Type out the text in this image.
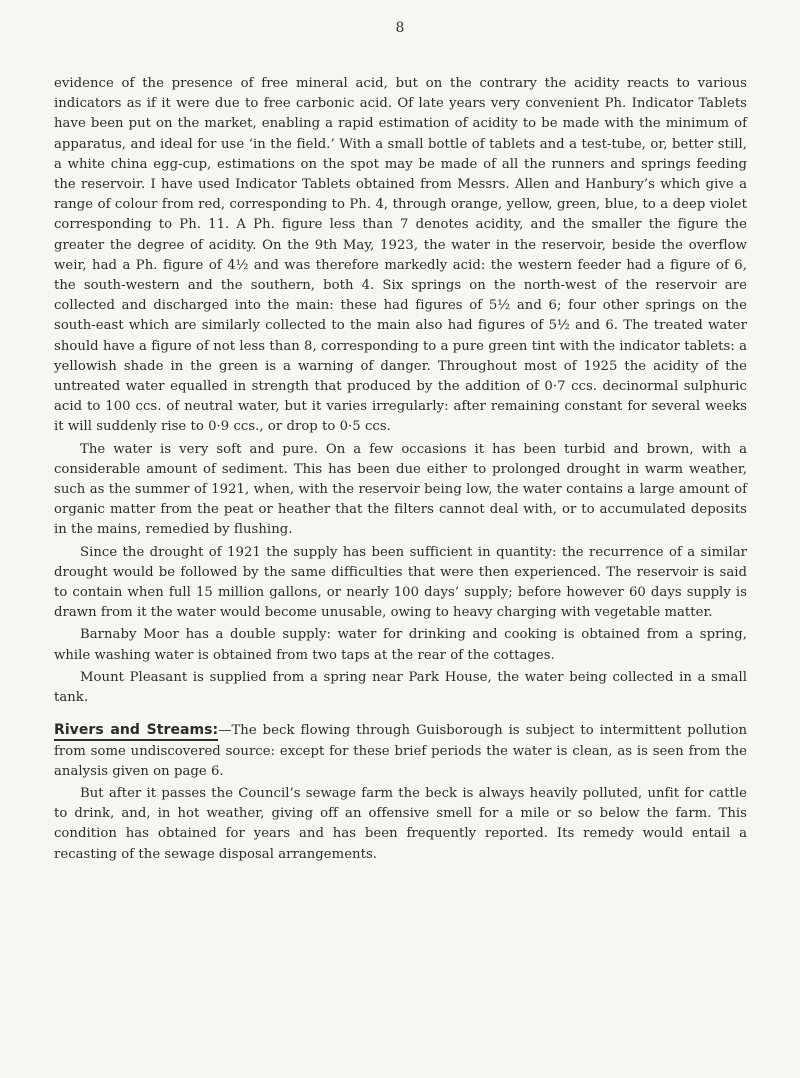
8

evidence of the presence of free mineral acid, but on the contrary the acidity reacts to various indicators as if it were due to free carbonic acid. Of late years very convenient Ph. Indicator Tablets have been put on the market, enabling a rapid estimation of acidity to be made with the minimum of apparatus, and ideal for use ‘in the field.’ With a small bottle of tablets and a test-tube, or, better still, a white china egg-cup, estimations on the spot may be made of all the runners and springs feeding the reservoir. I have used Indicator Tablets obtained from Messrs. Allen and Hanbury’s which give a range of colour from red, corresponding to Ph. 4, through orange, yellow, green, blue, to a deep violet corresponding to Ph. 11. A Ph. figure less than 7 denotes acidity, and the smaller the figure the greater the degree of acidity. On the 9th May, 1923, the water in the reservoir, beside the overflow weir, had a Ph. figure of 4½ and was therefore markedly acid: the western feeder had a figure of 6, the south-western and the southern, both 4. Six springs on the north-west of the reservoir are collected and discharged into the main: these had figures of 5½ and 6; four other springs on the south-east which are similarly collected to the main also had figures of 5½ and 6. The treated water should have a figure of not less than 8, corresponding to a pure green tint with the indicator tablets: a yellowish shade in the green is a warning of danger. Throughout most of 1925 the acidity of the untreated water equalled in strength that produced by the addition of 0·7 ccs. decinormal sulphuric acid to 100 ccs. of neutral water, but it varies irregularly: after remaining constant for several weeks it will suddenly rise to 0·9 ccs., or drop to 0·5 ccs.

The water is very soft and pure. On a few occasions it has been turbid and brown, with a considerable amount of sediment. This has been due either to prolonged drought in warm weather, such as the summer of 1921, when, with the reservoir being low, the water contains a large amount of organic matter from the peat or heather that the filters cannot deal with, or to accumulated deposits in the mains, remedied by flushing.

Since the drought of 1921 the supply has been sufficient in quantity: the recurrence of a similar drought would be followed by the same difficulties that were then experienced. The reservoir is said to contain when full 15 million gallons, or nearly 100 days’ supply; before however 60 days supply is drawn from it the water would become unusable, owing to heavy charging with vegetable matter.

Barnaby Moor has a double supply: water for drinking and cooking is obtained from a spring, while washing water is obtained from two taps at the rear of the cottages.

Mount Pleasant is supplied from a spring near Park House, the water being collected in a small tank.

Rivers and Streams:—The beck flowing through Guisborough is subject to intermittent pollution from some undiscovered source: except for these brief periods the water is clean, as is seen from the analysis given on page 6.

But after it passes the Council’s sewage farm the beck is always heavily polluted, unfit for cattle to drink, and, in hot weather, giving off an offensive smell for a mile or so below the farm. This condition has obtained for years and has been frequently reported. Its remedy would entail a recasting of the sewage disposal arrangements.
